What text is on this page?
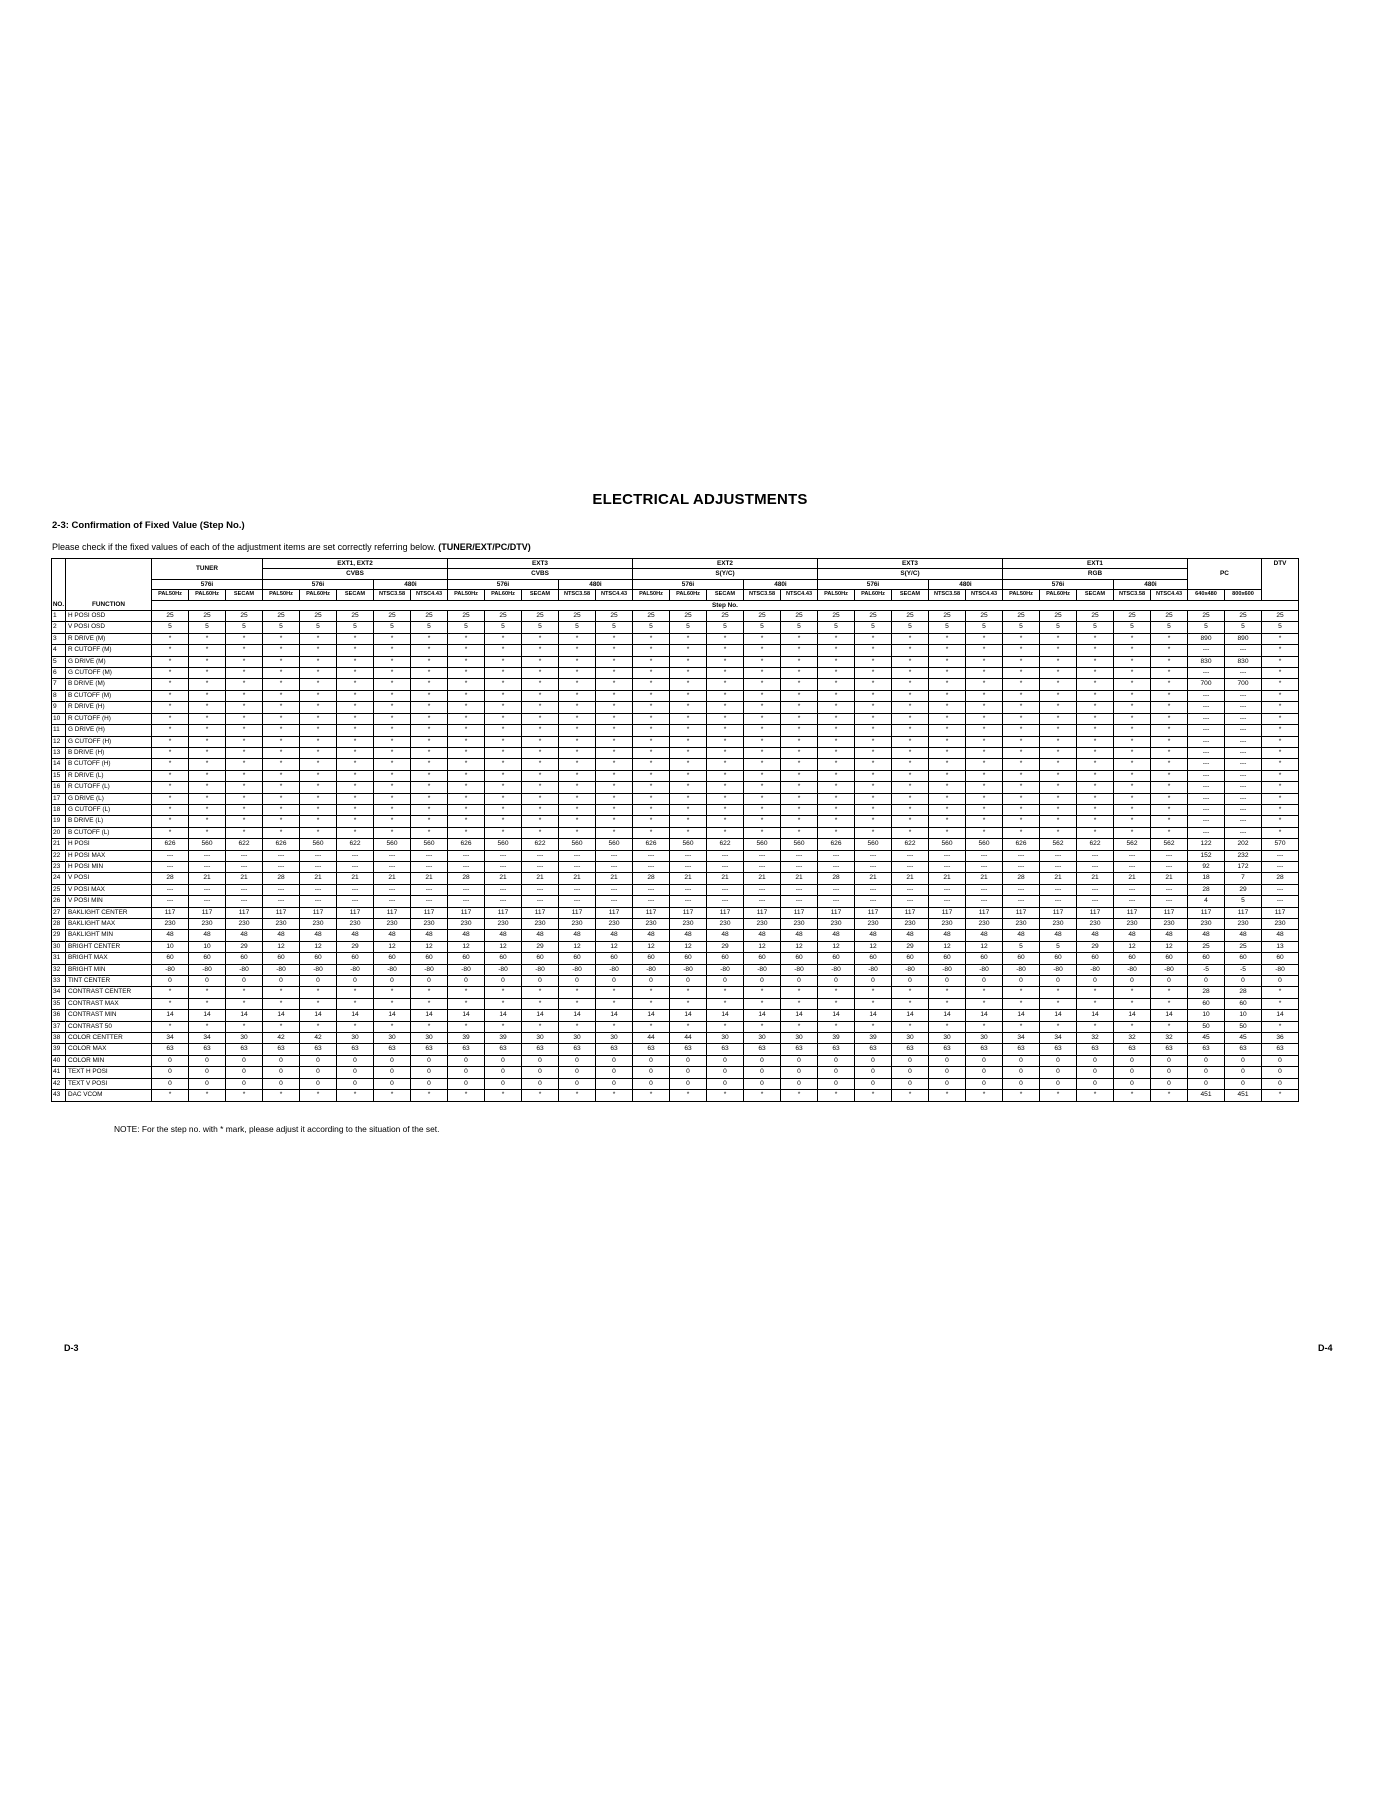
ELECTRICAL ADJUSTMENTS
2-3: Confirmation of Fixed Value (Step No.)
Please check if the fixed values of each of the adjustment items are set correctly referring below. (TUNER/EXT/PC/DTV)
		TUNER			EXT1, EXT2					EXT3					EXT2					EXT3					EXT1					PC		DTV
					CVBS					CVBS					S(Y/C)					S(Y/C)					RGB							
		576i			576i			480i		576i			480i		576i			480i		576i			480i		576i			480i				
		PAL50Hz	PAL60Hz	SECAM	PAL50Hz	PAL60Hz	SECAM	NTSC3.58	NTSC4.43	PAL50Hz	PAL60Hz	SECAM	NTSC3.58	NTSC4.43	PAL50Hz	PAL60Hz	SECAM	NTSC3.58	NTSC4.43	PAL50Hz	PAL60Hz	SECAM	NTSC3.58	NTSC4.43	PAL50Hz	PAL60Hz	SECAM	NTSC3.58	NTSC4.43	640x480	800x600	
NO.	FUNCTION	Step No.																														
1	H POSI OSD	25	25	25	25	25	25	25	25	25	25	25	25	25	25	25	25	25	25	25	25	25	25	25	25	25	25	25	25	25	25	25
2	V POSI OSD	5	5	5	5	5	5	5	5	5	5	5	5	5	5	5	5	5	5	5	5	5	5	5	5	5	5	5	5	5	5	5
3	R DRIVE (M)	*	*	*	*	*	*	*	*	*	*	*	*	*	*	*	*	*	*	*	*	*	*	*	*	*	*	*	*	890	890	*
4	R CUTOFF (M)	*	*	*	*	*	*	*	*	*	*	*	*	*	*	*	*	*	*	*	*	*	*	*	*	*	*	*	*	---	---	*
5	G DRIVE (M)	*	*	*	*	*	*	*	*	*	*	*	*	*	*	*	*	*	*	*	*	*	*	*	*	*	*	*	*	830	830	*
6	G CUTOFF (M)	*	*	*	*	*	*	*	*	*	*	*	*	*	*	*	*	*	*	*	*	*	*	*	*	*	*	*	*	---	---	*
7	B DRIVE (M)	*	*	*	*	*	*	*	*	*	*	*	*	*	*	*	*	*	*	*	*	*	*	*	*	*	*	*	*	700	700	*
8	B CUTOFF (M)	*	*	*	*	*	*	*	*	*	*	*	*	*	*	*	*	*	*	*	*	*	*	*	*	*	*	*	*	---	---	*
9	R DRIVE (H)	*	*	*	*	*	*	*	*	*	*	*	*	*	*	*	*	*	*	*	*	*	*	*	*	*	*	*	*	---	---	*
10	R CUTOFF (H)	*	*	*	*	*	*	*	*	*	*	*	*	*	*	*	*	*	*	*	*	*	*	*	*	*	*	*	*	---	---	*
11	G DRIVE (H)	*	*	*	*	*	*	*	*	*	*	*	*	*	*	*	*	*	*	*	*	*	*	*	*	*	*	*	*	---	---	*
12	G CUTOFF (H)	*	*	*	*	*	*	*	*	*	*	*	*	*	*	*	*	*	*	*	*	*	*	*	*	*	*	*	*	---	---	*
13	B DRIVE (H)	*	*	*	*	*	*	*	*	*	*	*	*	*	*	*	*	*	*	*	*	*	*	*	*	*	*	*	*	---	---	*
14	B CUTOFF (H)	*	*	*	*	*	*	*	*	*	*	*	*	*	*	*	*	*	*	*	*	*	*	*	*	*	*	*	*	---	---	*
15	R DRIVE (L)	*	*	*	*	*	*	*	*	*	*	*	*	*	*	*	*	*	*	*	*	*	*	*	*	*	*	*	*	---	---	*
16	R CUTOFF (L)	*	*	*	*	*	*	*	*	*	*	*	*	*	*	*	*	*	*	*	*	*	*	*	*	*	*	*	*	---	---	*
17	G DRIVE (L)	*	*	*	*	*	*	*	*	*	*	*	*	*	*	*	*	*	*	*	*	*	*	*	*	*	*	*	*	---	---	*
18	G CUTOFF (L)	*	*	*	*	*	*	*	*	*	*	*	*	*	*	*	*	*	*	*	*	*	*	*	*	*	*	*	*	---	---	*
19	B DRIVE (L)	*	*	*	*	*	*	*	*	*	*	*	*	*	*	*	*	*	*	*	*	*	*	*	*	*	*	*	*	---	---	*
20	B CUTOFF (L)	*	*	*	*	*	*	*	*	*	*	*	*	*	*	*	*	*	*	*	*	*	*	*	*	*	*	*	*	---	---	*
21	H POSI	626	560	622	626	560	622	560	560	626	560	622	560	560	626	560	622	560	560	626	560	622	560	560	626	562	622	562	562	122	202	570
22	H POSI MAX	---	---	---	---	---	---	---	---	---	---	---	---	---	---	---	---	---	---	---	---	---	---	---	---	---	---	---	---	152	232	---
23	H POSI MIN	---	---	---	---	---	---	---	---	---	---	---	---	---	---	---	---	---	---	---	---	---	---	---	---	---	---	---	---	92	172	---
24	V POSI	28	21	21	28	21	21	21	21	28	21	21	21	21	28	21	21	21	21	28	21	21	21	21	28	21	21	21	21	18	7	28
25	V POSI MAX	---	---	---	---	---	---	---	---	---	---	---	---	---	---	---	---	---	---	---	---	---	---	---	---	---	---	---	---	28	29	---
26	V POSI MIN	---	---	---	---	---	---	---	---	---	---	---	---	---	---	---	---	---	---	---	---	---	---	---	---	---	---	---	---	4	5	---
27	BAKLIGHT CENTER	117	117	117	117	117	117	117	117	117	117	117	117	117	117	117	117	117	117	117	117	117	117	117	117	117	117	117	117	117	117	117
28	BAKLIGHT MAX	230	230	230	230	230	230	230	230	230	230	230	230	230	230	230	230	230	230	230	230	230	230	230	230	230	230	230	230	230	230	230
29	BAKLIGHT MIN	48	48	48	48	48	48	48	48	48	48	48	48	48	48	48	48	48	48	48	48	48	48	48	48	48	48	48	48	48	48	48
30	BRIGHT CENTER	10	10	29	12	12	29	12	12	12	12	29	12	12	12	12	29	12	12	12	12	29	12	12	5	5	29	12	12	25	25	13
31	BRIGHT MAX	60	60	60	60	60	60	60	60	60	60	60	60	60	60	60	60	60	60	60	60	60	60	60	60	60	60	60	60	60	60	60
32	BRIGHT MIN	-80	-80	-80	-80	-80	-80	-80	-80	-80	-80	-80	-80	-80	-80	-80	-80	-80	-80	-80	-80	-80	-80	-80	-80	-80	-80	-80	-80	-5	-5	-80
33	TINT CENTER	0	0	0	0	0	0	0	0	0	0	0	0	0	0	0	0	0	0	0	0	0	0	0	0	0	0	0	0	0	0	0
34	CONTRAST CENTER	*	*	*	*	*	*	*	*	*	*	*	*	*	*	*	*	*	*	*	*	*	*	*	*	*	*	*	*	28	28	*
35	CONTRAST MAX	*	*	*	*	*	*	*	*	*	*	*	*	*	*	*	*	*	*	*	*	*	*	*	*	*	*	*	*	60	60	*
36	CONTRAST MIN	14	14	14	14	14	14	14	14	14	14	14	14	14	14	14	14	14	14	14	14	14	14	14	14	14	14	14	14	10	10	14
37	CONTRAST 50	*	*	*	*	*	*	*	*	*	*	*	*	*	*	*	*	*	*	*	*	*	*	*	*	*	*	*	*	50	50	*
38	COLOR CENTTER	34	34	30	42	42	30	30	30	39	39	30	30	30	44	44	30	30	30	39	39	30	30	30	34	34	32	32	32	45	45	36
39	COLOR MAX	63	63	63	63	63	63	63	63	63	63	63	63	63	63	63	63	63	63	63	63	63	63	63	63	63	63	63	63	63	63	63
40	COLOR MIN	0	0	0	0	0	0	0	0	0	0	0	0	0	0	0	0	0	0	0	0	0	0	0	0	0	0	0	0	0	0	0
41	TEXT H POSI	0	0	0	0	0	0	0	0	0	0	0	0	0	0	0	0	0	0	0	0	0	0	0	0	0	0	0	0	0	0	0
42	TEXT V POSI	0	0	0	0	0	0	0	0	0	0	0	0	0	0	0	0	0	0	0	0	0	0	0	0	0	0	0	0	0	0	0
43	DAC VCOM	*	*	*	*	*	*	*	*	*	*	*	*	*	*	*	*	*	*	*	*	*	*	*	*	*	*	*	*	451	451	*
NOTE: For the step no. with * mark, please adjust it according to the situation of the set.
D-3	D-4
